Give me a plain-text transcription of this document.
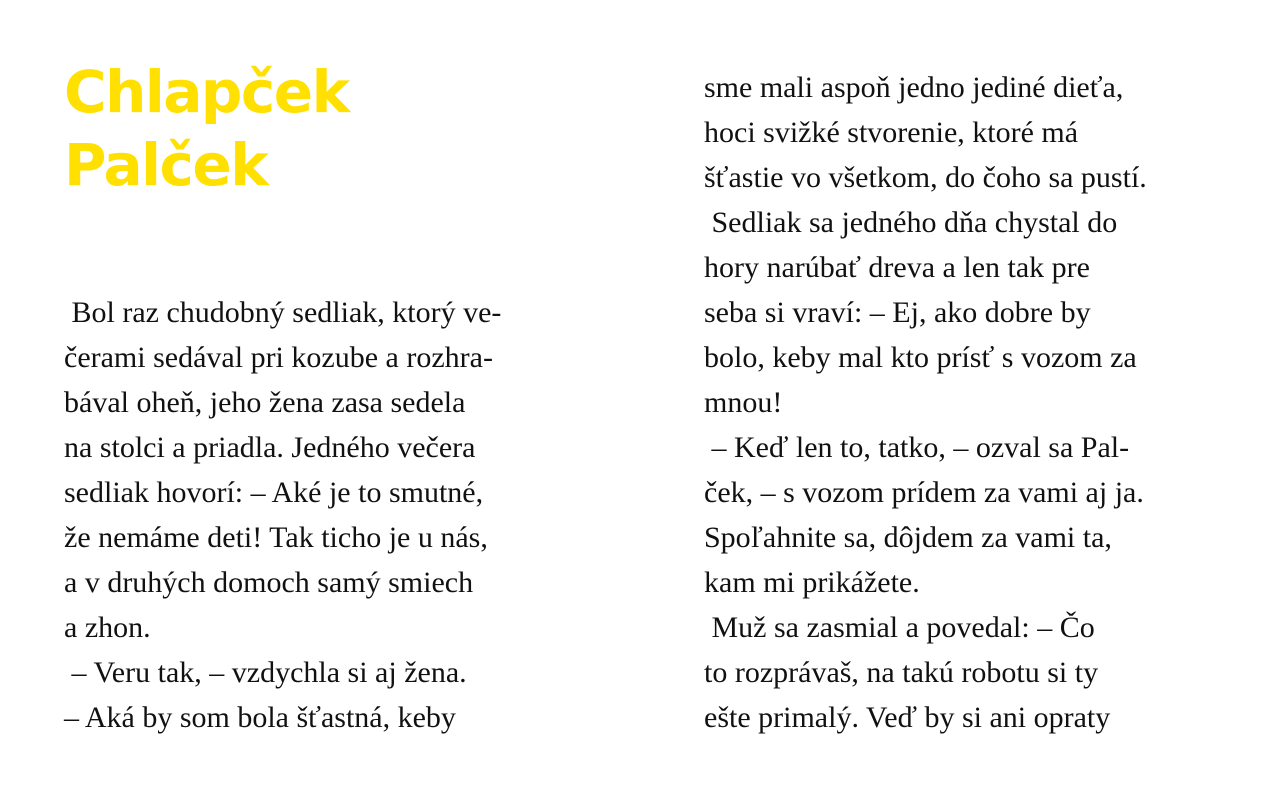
Chlapček
Palček
Bol raz chudobný sedliak, ktorý ve-
čerami sedával pri kozube a rozhra-
bával oheň, jeho žena zasa sedela
na stolci a priadla. Jedného večera
sedliak hovorí: – Aké je to smutné,
že nemáme deti! Tak ticho je u nás,
a v druhých domoch samý smiech
a zhon.
– Veru tak, – vzdychla si aj žena.
– Aká by som bola šťastná, keby
sme mali aspoň jedno jediné dieťa,
hoci svižké stvorenie, ktoré má
šťastie vo všetkom, do čoho sa pustí.
Sedliak sa jedného dňa chystal do
hory narúbať dreva a len tak pre
seba si vraví: – Ej, ako dobre by
bolo, keby mal kto prísť s vozom za
mnou!
– Keď len to, tatko, – ozval sa Pal-
ček, – s vozom prídem za vami aj ja.
Spoľahnite sa, dôjdem za vami ta,
kam mi prikážete.
Muž sa zasmial a povedal: – Čo
to rozprávaš, na takú robotu si ty
ešte primalý. Veď by si ani opraty
